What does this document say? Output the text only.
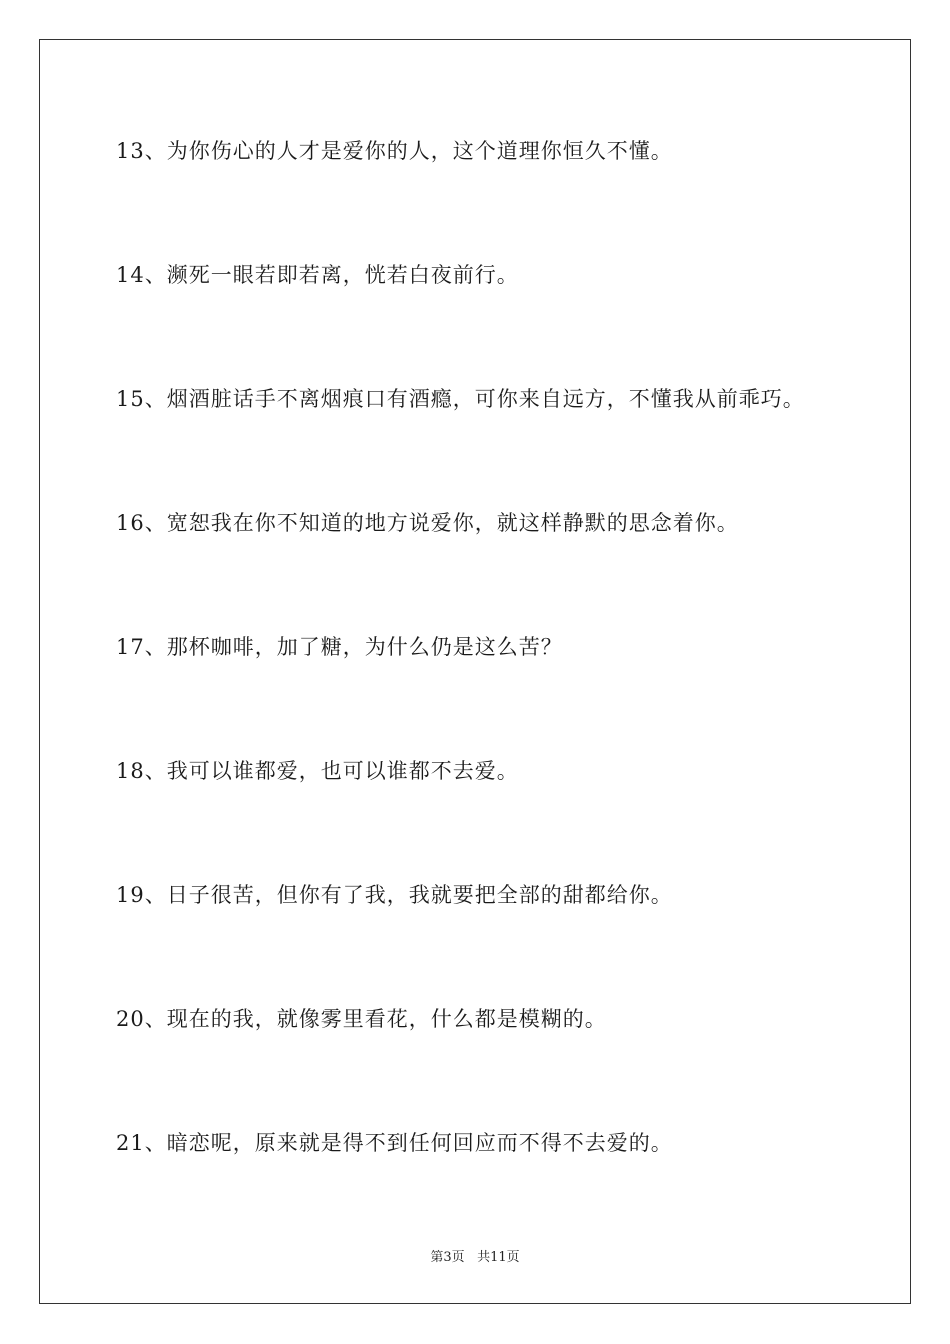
13、为你伤心的人才是爱你的人，这个道理你恒久不懂。
14、濒死一眼若即若离，恍若白夜前行。
15、烟酒脏话手不离烟痕口有酒瘾，可你来自远方，不懂我从前乖巧。
16、宽恕我在你不知道的地方说爱你，就这样静默的思念着你。
17、那杯咖啡，加了糖，为什么仍是这么苦？
18、我可以谁都爱，也可以谁都不去爱。
19、日子很苦，但你有了我，我就要把全部的甜都给你。
20、现在的我，就像雾里看花，什么都是模糊的。
21、暗恋呢，原来就是得不到任何回应而不得不去爱的。
第3页 共11页
